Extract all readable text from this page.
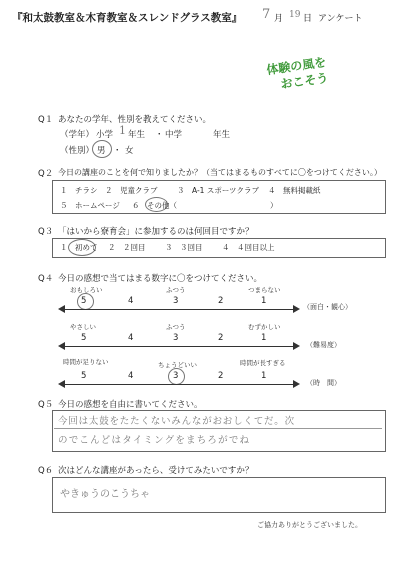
『和太鼓教室＆木育教室＆スレンドグラス教室』 7 月 19 日 アンケート
体験の風を
おこそう
Q１ あなたの学年、性別を教えてください。
（学年） 小学 1 年生 ・ 中学	年生
（性別） 男 ・ 女
Q２ 今日の講座のことを何で知りましたか？（当てはまるものすべてに〇をつけてください。）
１　チラシ ２　児童クラブ	３　A-1 スポーツクラブ ４　無料掲載紙
５　ホームページ ６　その他（	）
Q３ 「はいから寮育会」に参加するのは何回目ですか？
１　初めて ２　２回目	３　３回目	４　４回目以上
Q４ 今日の感想で当てはまる数字に〇をつけてください。
おもしろい	ふつう	つまらない
5	4	3	2	1
（面白・観心）
やさしい	ふつう	むずかしい
5	4	3	2	1
（難易度）
時間が足りない	ちょうどいい	時間が長すぎる
5	4	3	2	1
（時　間）
Q５ 今日の感想を自由に書いてください。
今回は太鼓をたたくないみんながおおしくてだ。次
のでこんどはタイミングをまちろがでね
Q６ 次はどんな講座があったら、受けてみたいですか？
やきゅうのこうちゃ
ご協力ありがとうございました。
